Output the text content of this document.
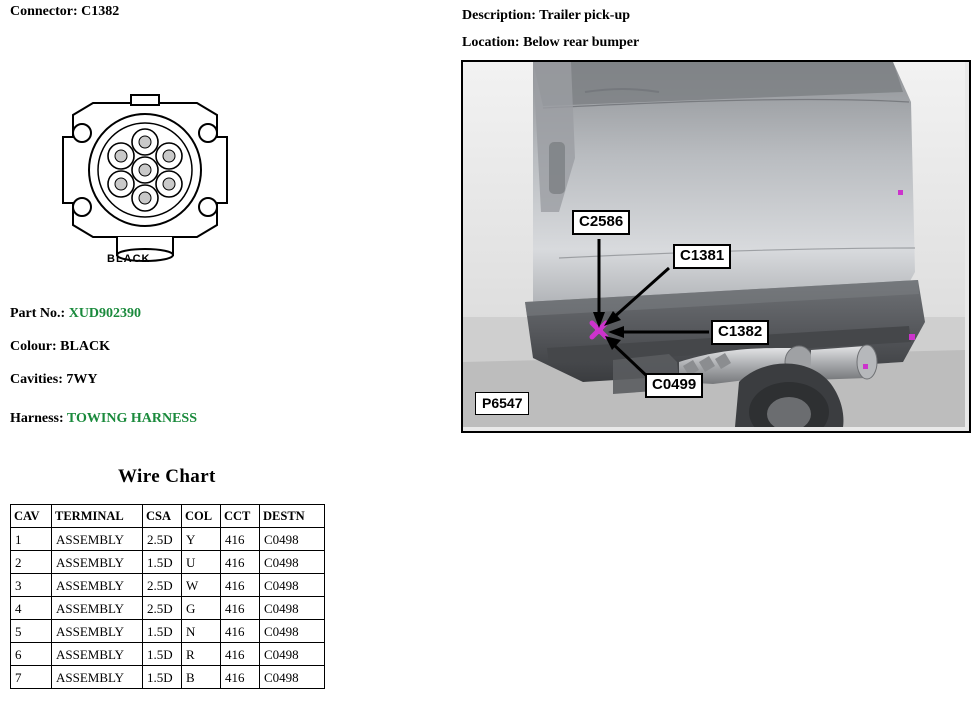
Connector: C1382
BLACK
Part No.: XUD902390
Colour: BLACK
Cavities: 7WY
Harness: TOWING HARNESS
Wire Chart
CAV	TERMINAL	CSA	COL	CCT	DESTN
1	ASSEMBLY	2.5D	Y	416	C0498
2	ASSEMBLY	1.5D	U	416	C0498
3	ASSEMBLY	2.5D	W	416	C0498
4	ASSEMBLY	2.5D	G	416	C0498
5	ASSEMBLY	1.5D	N	416	C0498
6	ASSEMBLY	1.5D	R	416	C0498
7	ASSEMBLY	1.5D	B	416	C0498
Description: Trailer pick-up
Location: Below rear bumper
C2586
C1381
C1382
C0499
P6547
